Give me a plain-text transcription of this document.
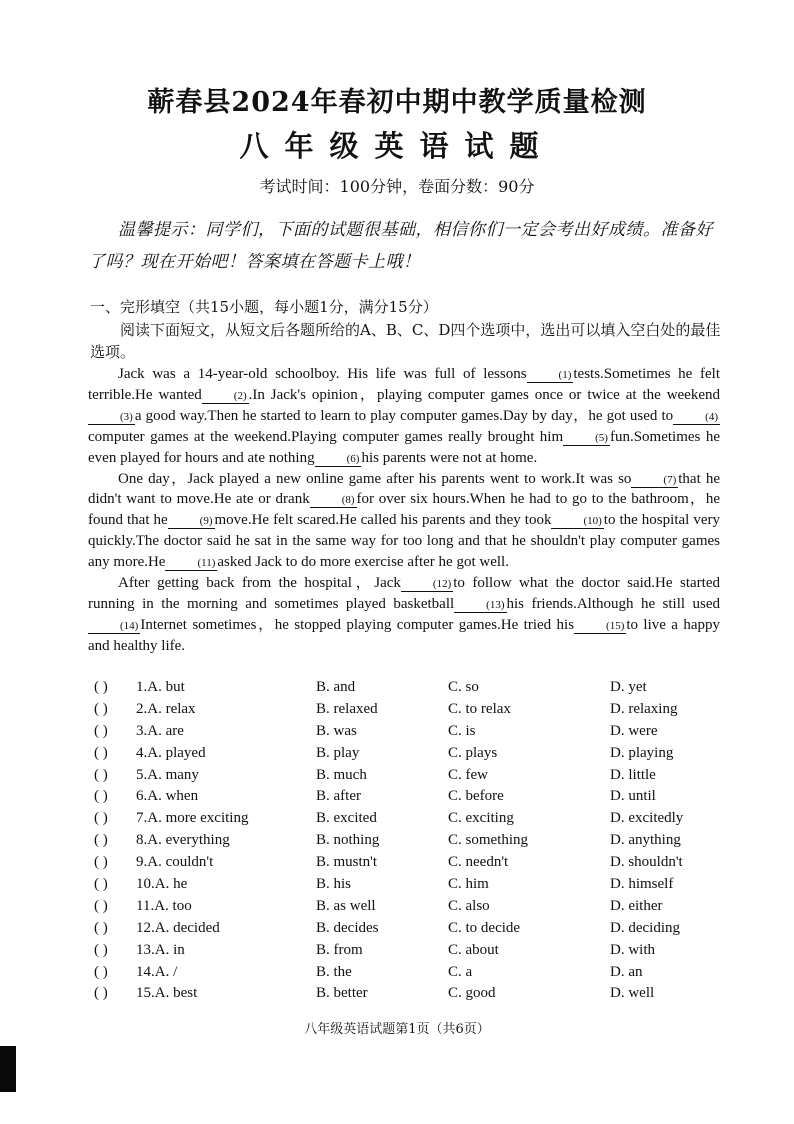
蕲春县2024年春初中期中教学质量检测
八年级英语试题
考试时间：100分钟，卷面分数：90分
温馨提示：同学们，下面的试题很基础，相信你们一定会考出好成绩。准备好了吗？现在开始吧！答案填在答题卡上哦！
一、完形填空（共15小题，每小题1分，满分15分）
阅读下面短文，从短文后各题所给的A、B、C、D四个选项中，选出可以填入空白处的最佳选项。

Jack was a 14-year-old schoolboy. His life was full of lessons	(1) tests.Sometimes he felt terrible.He wanted	(2) .In Jack's opinion，playing computer games once or twice at the weekend(3) a good way.Then he started to learn to play computer games.Day by day，he got used to	(4)computer games at the weekend.Playing computer games really brought him	(5) fun.Sometimes he even played for hours and ate nothing	(6) his parents were not at home.

One day，Jack played a new online game after his parents went to work.It was so	(7) that he didn't want to move.He ate or drank	(8) for over six hours.When he had to go to the bathroom，he found that he	(9) move.He felt scared.He called his parents and they took	(10) to the hospital very quickly.The doctor said he sat in the same way for too long and that he shouldn't play computer games any more.He	(11) asked Jack to do more exercise after he got well.

After getting back from the hospital，Jack	(12) to follow what the doctor said.He started running in the morning and sometimes played basketball	(13) his friends.Although he still used(14) Internet sometimes，he stopped playing computer games.He tried his	(15) to live a happy and healthy life.

( ) 1.A. but	B. and	C. so	D. yet
( ) 2.A. relax	B. relaxed	C. to relax	D. relaxing
( ) 3.A. are	B. was	C. is	D. were
( ) 4.A. played	B. play	C. plays	D. playing
( ) 5.A. many	B. much	C. few	D. little
( ) 6.A. when	B. after	C. before	D. until
( ) 7.A. more exciting	B. excited	C. exciting	D. excitedly
( ) 8.A. everything	B. nothing	C. something	D. anything
( ) 9.A. couldn't	B. mustn't	C. needn't	D. shouldn't
( ) 10.A. he	B. his	C. him	D. himself
( ) 11.A. too	B. as well	C. also	D. either
( ) 12.A. decided	B. decides	C. to decide	D. deciding
( ) 13.A. in	B. from	C. about	D. with
( ) 14.A. /	B. the	C. a	D. an
( ) 15.A. best	B. better	C. good	D. well
八年级英语试题第1页（共6页）
